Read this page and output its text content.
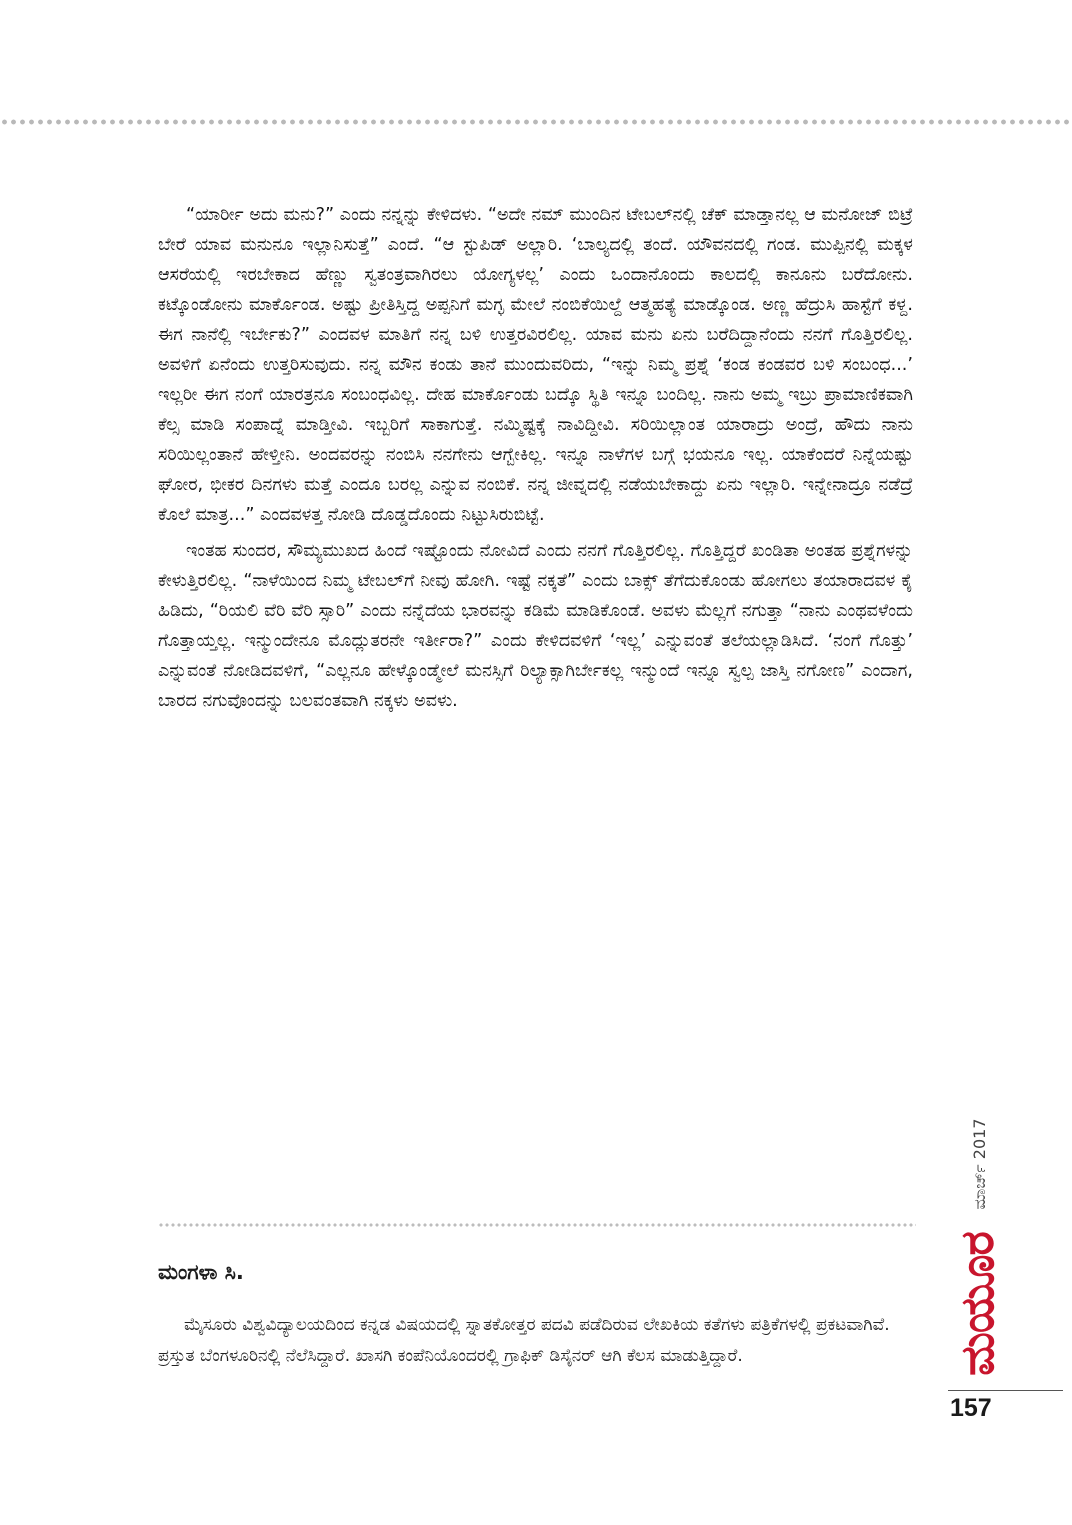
“ಯಾರ್ರೀ ಅದು ಮನು?” ಎಂದು ನನ್ನನ್ನು ಕೇಳಿದಳು. “ಅದೇ ನಮ್ ಮುಂದಿನ ಟೇಬಲ್‌ನಲ್ಲಿ ಚೆಕ್ ಮಾಡ್ತಾನಲ್ಲ ಆ ಮನೋಜ್ ಬಿಟ್ರೆ ಬೇರೆ ಯಾವ ಮನುನೂ ಇಲ್ಲಾನಿಸುತ್ತೆ” ಎಂದೆ. “ಆ ಸ್ಟುಪಿಡ್ ಅಲ್ಲಾರಿ. ‘ಬಾಲ್ಯದಲ್ಲಿ ತಂದೆ. ಯೌವನದಲ್ಲಿ ಗಂಡ. ಮುಪ್ಪಿನಲ್ಲಿ ಮಕ್ಕಳ ಆಸರೆಯಲ್ಲಿ ಇರಬೇಕಾದ ಹೆಣ್ಣು ಸ್ವತಂತ್ರವಾಗಿರಲು ಯೋಗ್ಯಳಲ್ಲ’ ಎಂದು ಒಂದಾನೊಂದು ಕಾಲದಲ್ಲಿ ಕಾನೂನು ಬರೆದೋನು. ಕಟ್ಕೊಂಡೋನು ಮಾರ್ಕೊಂಡ. ಅಷ್ಟು ಪ್ರೀತಿಸ್ತಿದ್ದ ಅಪ್ಪನಿಗೆ ಮಗ್ಳ ಮೇಲೆ ನಂಬಿಕೆಯಿಲ್ದೆ ಆತ್ಮಹತ್ಯೆ ಮಾಡ್ಕೊಂಡ. ಅಣ್ಣ ಹೆದ್ರುಸಿ ಹಾಸ್ಟೆಗೆ ಕಳ್ದ. ಈಗ ನಾನೆಲ್ಲಿ ಇರ್ಬೇಕು?” ಎಂದವಳ ಮಾತಿಗೆ ನನ್ನ ಬಳಿ ಉತ್ತರವಿರಲಿಲ್ಲ. ಯಾವ ಮನು ಏನು ಬರೆದಿದ್ದಾನೆಂದು ನನಗೆ ಗೊತ್ತಿರಲಿಲ್ಲ. ಅವಳಿಗೆ ಏನೆಂದು ಉತ್ತರಿಸುವುದು. ನನ್ನ ಮೌನ ಕಂಡು ತಾನೆ ಮುಂದುವರಿದು, “ಇನ್ನು ನಿಮ್ಮ ಪ್ರಶ್ನೆ ‘ಕಂಡ ಕಂಡವರ ಬಳಿ ಸಂಬಂಧ...’ ಇಲ್ಲರೀ ಈಗ ನಂಗೆ ಯಾರತ್ರನೂ ಸಂಬಂಧವಿಲ್ಲ. ದೇಹ ಮಾರ್ಕೊಂಡು ಬದ್ಕೊ ಸ್ಥಿತಿ ಇನ್ನೂ ಬಂದಿಲ್ಲ. ನಾನು ಅಮ್ಮ ಇಬ್ರು ಪ್ರಾಮಾಣಿಕವಾಗಿ ಕೆಲ್ಸ ಮಾಡಿ ಸಂಪಾದ್ನೆ ಮಾಡ್ತೀವಿ. ಇಬ್ಬರಿಗೆ ಸಾಕಾಗುತ್ತೆ. ನಮ್ಮಿಷ್ಟಕ್ಕೆ ನಾವಿದ್ದೀವಿ. ಸರಿಯಿಲ್ಲಾಂತ ಯಾರಾದ್ರು ಅಂದ್ರೆ, ಹೌದು ನಾನು ಸರಿಯಿಲ್ಲಂತಾನೆ ಹೇಳ್ತೀನಿ. ಅಂದವರನ್ನು ನಂಬಿಸಿ ನನಗೇನು ಆಗ್ಬೇಕಿಲ್ಲ. ಇನ್ನೂ ನಾಳೆಗಳ ಬಗ್ಗೆ ಭಯನೂ ಇಲ್ಲ. ಯಾಕೆಂದರೆ ನಿನ್ನೆಯಷ್ಟು ಘೋರ, ಭೀಕರ ದಿನಗಳು ಮತ್ತೆ ಎಂದೂ ಬರಲ್ಲ ಎನ್ನುವ ನಂಬಿಕೆ. ನನ್ನ ಜೀವ್ನದಲ್ಲಿ ನಡೆಯಬೇಕಾದ್ದು ಏನು ಇಲ್ಲಾರಿ. ಇನ್ನೇನಾದ್ರೂ ನಡೆದ್ರೆ ಕೊಲೆ ಮಾತ್ರ...” ಎಂದವಳತ್ತ ನೋಡಿ ದೊಡ್ಡದೊಂದು ನಿಟ್ಟುಸಿರುಬಿಟ್ಟೆ.

ಇಂತಹ ಸುಂದರ, ಸೌಮ್ಯಮುಖದ ಹಿಂದೆ ಇಷ್ಟೊಂದು ನೋವಿದೆ ಎಂದು ನನಗೆ ಗೊತ್ತಿರಲಿಲ್ಲ. ಗೊತ್ತಿದ್ದರೆ ಖಂಡಿತಾ ಅಂತಹ ಪ್ರಶ್ನೆಗಳನ್ನು ಕೇಳುತ್ತಿರಲಿಲ್ಲ. “ನಾಳೆಯಿಂದ ನಿಮ್ಮ ಟೇಬಲ್‌ಗೆ ನೀವು ಹೋಗಿ. ಇಷ್ಟೆ ನಕ್ಕತೆ” ಎಂದು ಬಾಕ್ಸ್ ತೆಗೆದುಕೊಂಡು ಹೋಗಲು ತಯಾರಾದವಳ ಕೈ ಹಿಡಿದು, “ರಿಯಲಿ ವೆರಿ ವೆರಿ ಸ್ಸಾರಿ” ಎಂದು ನನ್ನೆದೆಯ ಭಾರವನ್ನು ಕಡಿಮೆ ಮಾಡಿಕೊಂಡೆ. ಅವಳು ಮೆಲ್ಲಗೆ ನಗುತ್ತಾ “ನಾನು ಎಂಥವಳೆಂದು ಗೊತ್ತಾಯ್ತಲ್ಲ. ಇನ್ಮುಂದೇನೂ ಮೊದ್ಲುತರನೇ ಇರ್ತೀರಾ?” ಎಂದು ಕೇಳಿದವಳಿಗೆ ‘ಇಲ್ಲ’ ಎನ್ನುವಂತೆ ತಲೆಯಲ್ಲಾಡಿಸಿದೆ. ‘ನಂಗೆ ಗೊತ್ತು’ ಎನ್ನುವಂತೆ ನೋಡಿದವಳಿಗೆ, “ಎಲ್ಲನೂ ಹೇಳ್ಕೊಂಡ್ಮೇಲೆ ಮನಸ್ಸಿಗೆ ರಿಲ್ಯಾಕ್ಸಾಗಿರ್ಬೇಕಲ್ಲ ಇನ್ಮುಂದೆ ಇನ್ನೂ ಸ್ವಲ್ಪ ಜಾಸ್ತಿ ನಗೋಣ” ಎಂದಾಗ, ಬಾರದ ನಗುವೊಂದನ್ನು ಬಲವಂತವಾಗಿ ನಕ್ಕಳು ಅವಳು.

ಮಂಗಳಾ ಸಿ.

ಮೈಸೂರು ವಿಶ್ವವಿದ್ಯಾಲಯದಿಂದ ಕನ್ನಡ ವಿಷಯದಲ್ಲಿ ಸ್ನಾತಕೋತ್ತರ ಪದವಿ ಪಡೆದಿರುವ ಲೇಖಕಿಯ ಕತೆಗಳು ಪತ್ರಿಕೆಗಳಲ್ಲಿ ಪ್ರಕಟವಾಗಿವೆ. ಪ್ರಸ್ತುತ ಬೆಂಗಳೂರಿನಲ್ಲಿ ನೆಲೆಸಿದ್ದಾರೆ. ಖಾಸಗಿ ಕಂಪೆನಿಯೊಂದರಲ್ಲಿ ಗ್ರಾಫಿಕ್ ಡಿಸೈನರ್ ಆಗಿ ಕೆಲಸ ಮಾಡುತ್ತಿದ್ದಾರೆ.

ಮಾರ್ಚ್ 2017
ಮಯೂರ
157
